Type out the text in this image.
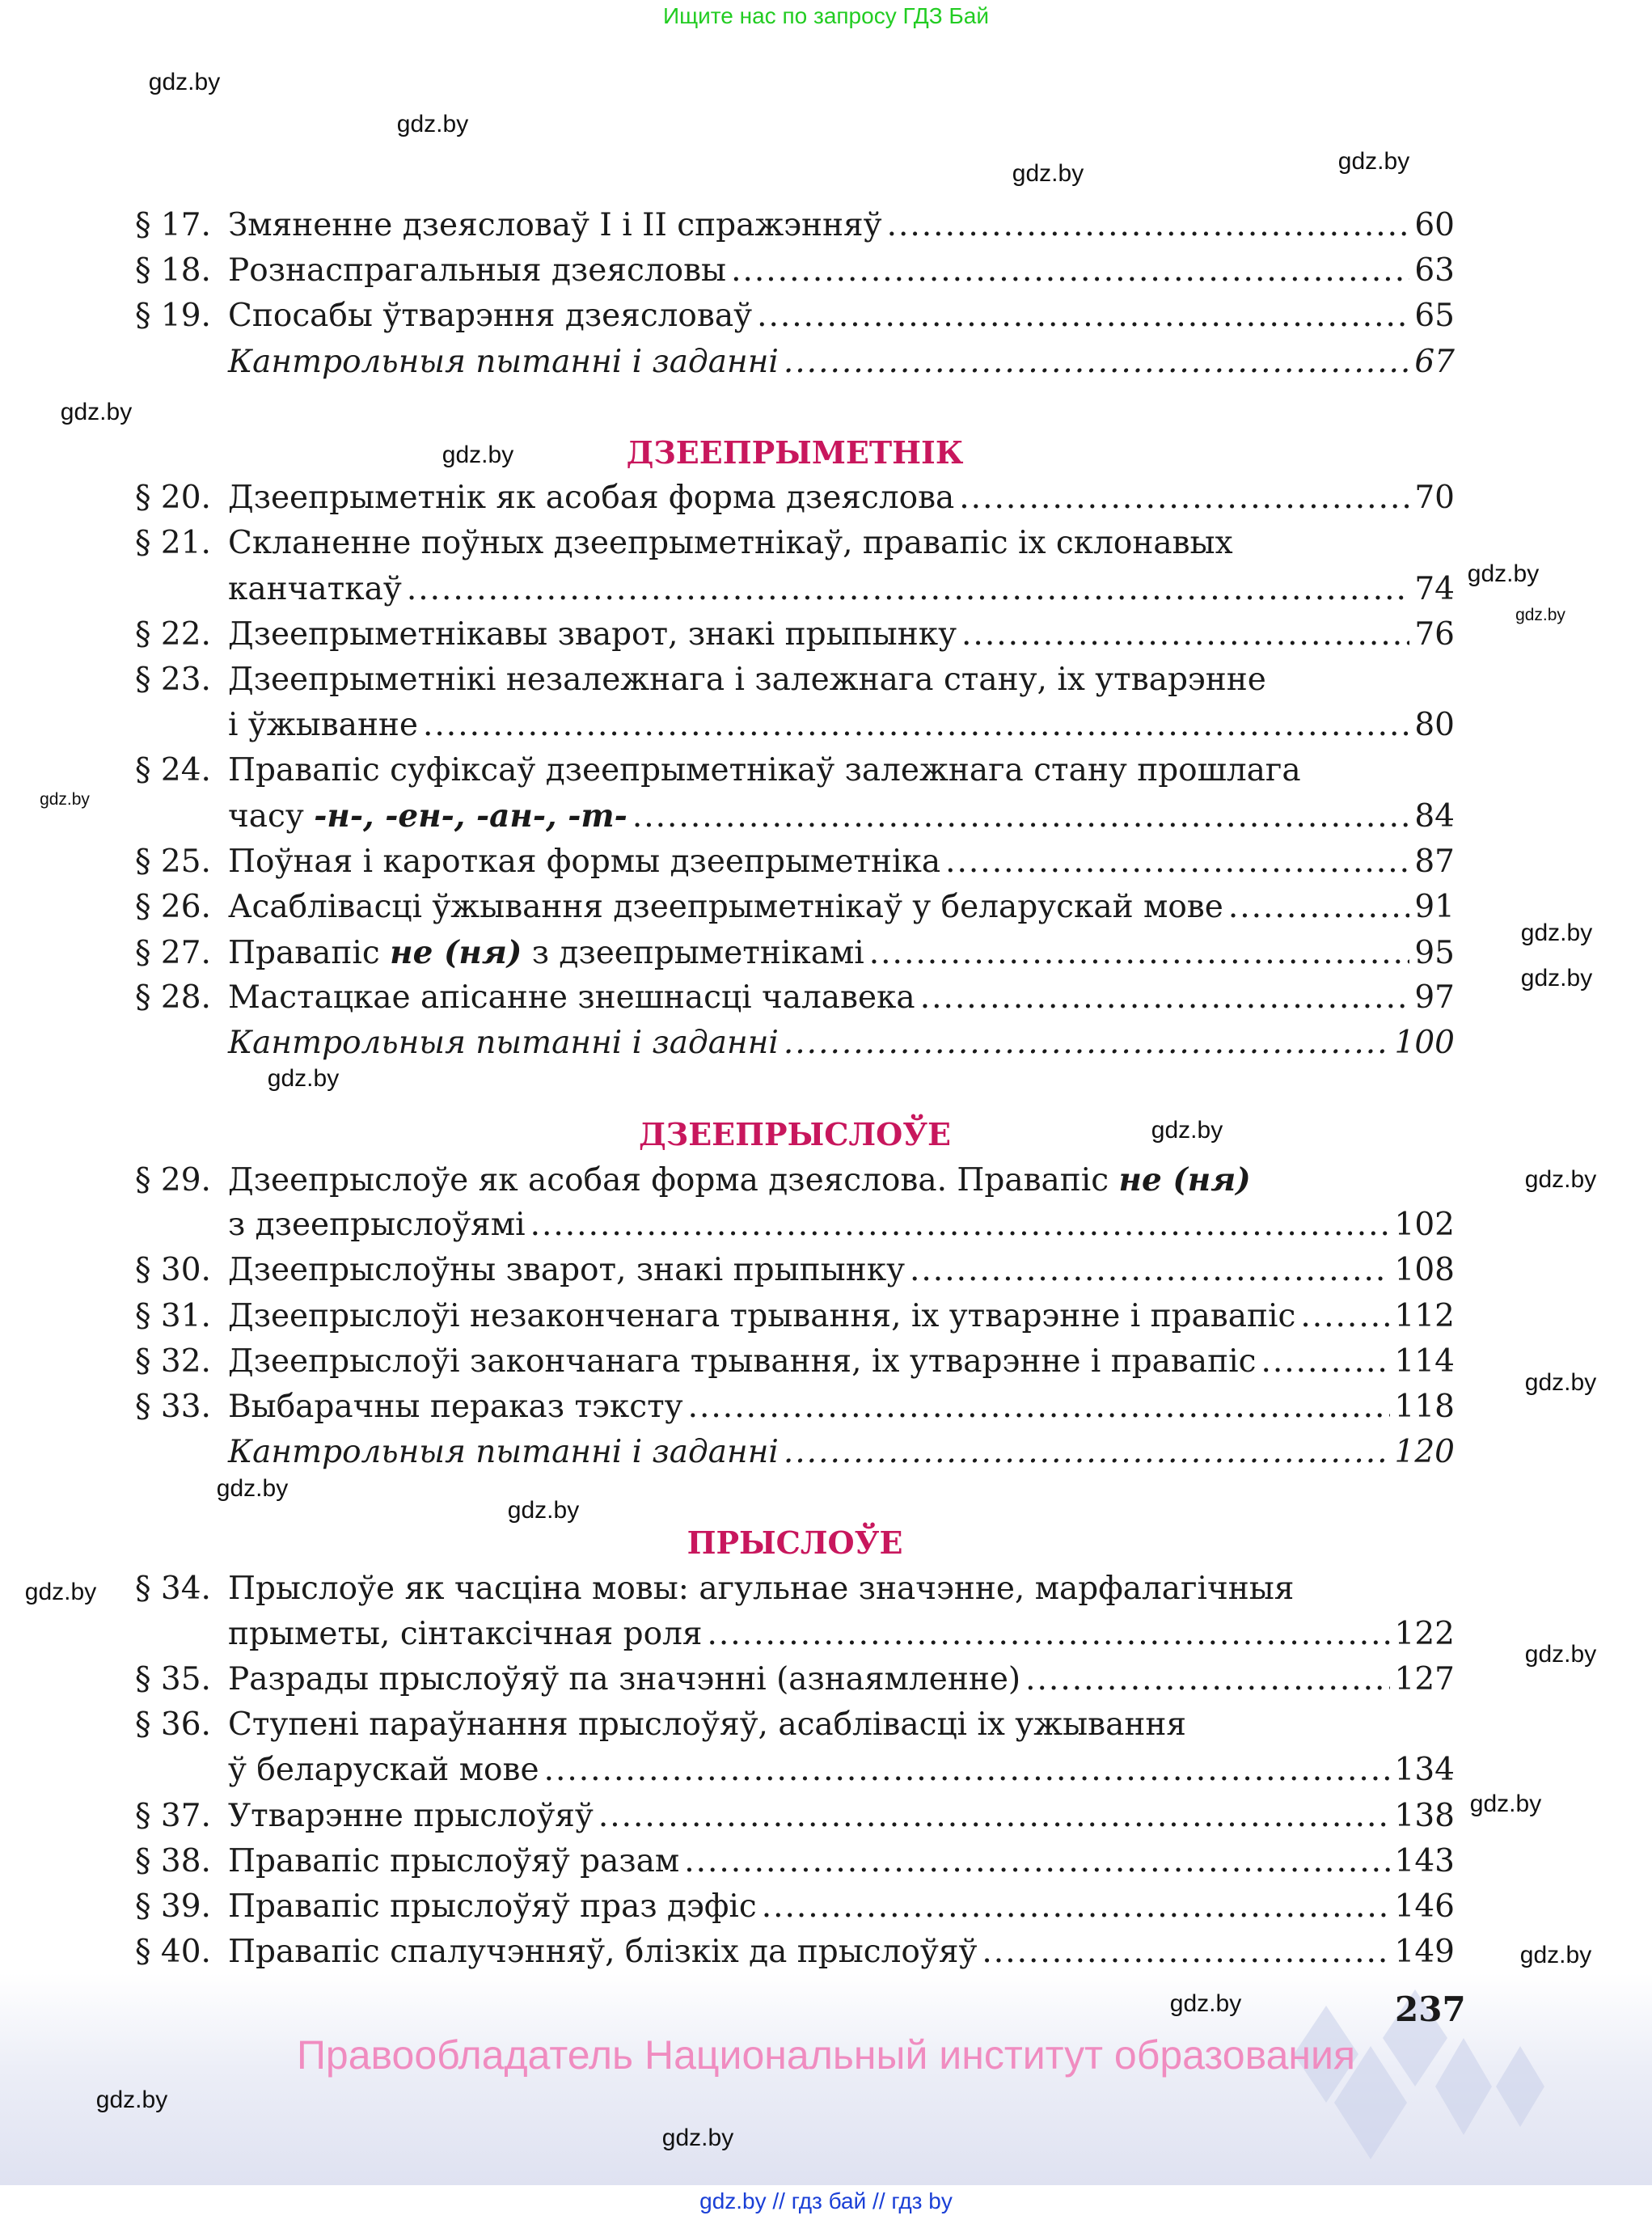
Ищите нас по запросу ГДЗ Бай
§ 17. Змяненне дзеясловаў I і II спражэнняў .....	60
§ 18. Рознаспрагальныя дзеясловы .....	63
§ 19. Спосабы ўтварэння дзеясловаў .....	65
Кантрольныя пытанні і заданні .....	67
ДЗЕЕПРЫМЕТНІК
§ 20. Дзеепрыметнік як асобая форма дзеяслова .....	70
§ 21. Скланенне поўных дзеепрыметнікаў, правапіс іх склонавых
канчаткаў .....	74
§ 22. Дзеепрыметнікавы зварот, знакі прыпынку .....	76
§ 23. Дзеепрыметнікі незалежнага і залежнага стану, іх утварэнне
і ўжыванне .....	80
§ 24. Правапіс суфіксаў дзеепрыметнікаў залежнага стану прошлага
часу -н-, -ен-, -ан-, -т- .....	84
§ 25. Поўная і кароткая формы дзеепрыметніка .....	87
§ 26. Асаблівасці ўжывання дзеепрыметнікаў у беларускай мове .....	91
§ 27. Правапіс не (ня) з дзеепрыметнікамі .....	95
§ 28. Мастацкае апісанне знешнасці чалавека .....	97
Кантрольныя пытанні і заданні .....	100
ДЗЕЕПРЫСЛОЎЕ
§ 29. Дзеепрыслоўе як асобая форма дзеяслова. Правапіс не (ня)
з дзеепрыслоўямі .....	102
§ 30. Дзеепрыслоўны зварот, знакі прыпынку .....	108
§ 31. Дзеепрыслоўі незаконченага трывання, іх утварэнне і правапіс .....	112
§ 32. Дзеепрыслоўі закончанага трывання, іх утварэнне і правапіс .....	114
§ 33. Выбарачны пераказ тэксту .....	118
Кантрольныя пытанні і заданні .....	120
ПРЫСЛОЎЕ
§ 34. Прыслоўе як часціна мовы: агульнае значэнне, марфалагічныя
прыметы, сінтаксічная роля .....	122
§ 35. Разрады прыслоўяў па значэнні (азнаямленне) .....	127
§ 36. Ступені параўнання прыслоўяў, асаблівасці іх ужывання
ў беларускай мове .....	134
§ 37. Утварэнне прыслоўяў .....	138
§ 38. Правапіс прыслоўяў разам .....	143
§ 39. Правапіс прыслоўяў праз дэфіс .....	146
§ 40. Правапіс спалучэнняў, блізкіх да прыслоўяў .....	149
237
Правообладатель Национальный институт образования
gdz.by // гдз бай // гдз by
gdz.by
gdz.by
gdz.by
gdz.by
gdz.by
gdz.by
gdz.by
gdz.by
gdz.by
gdz.by
gdz.by
gdz.by
gdz.by
gdz.by
gdz.by
gdz.by
gdz.by
gdz.by
gdz.by
gdz.by
gdz.by
gdz.by
gdz.by
gdz.by
